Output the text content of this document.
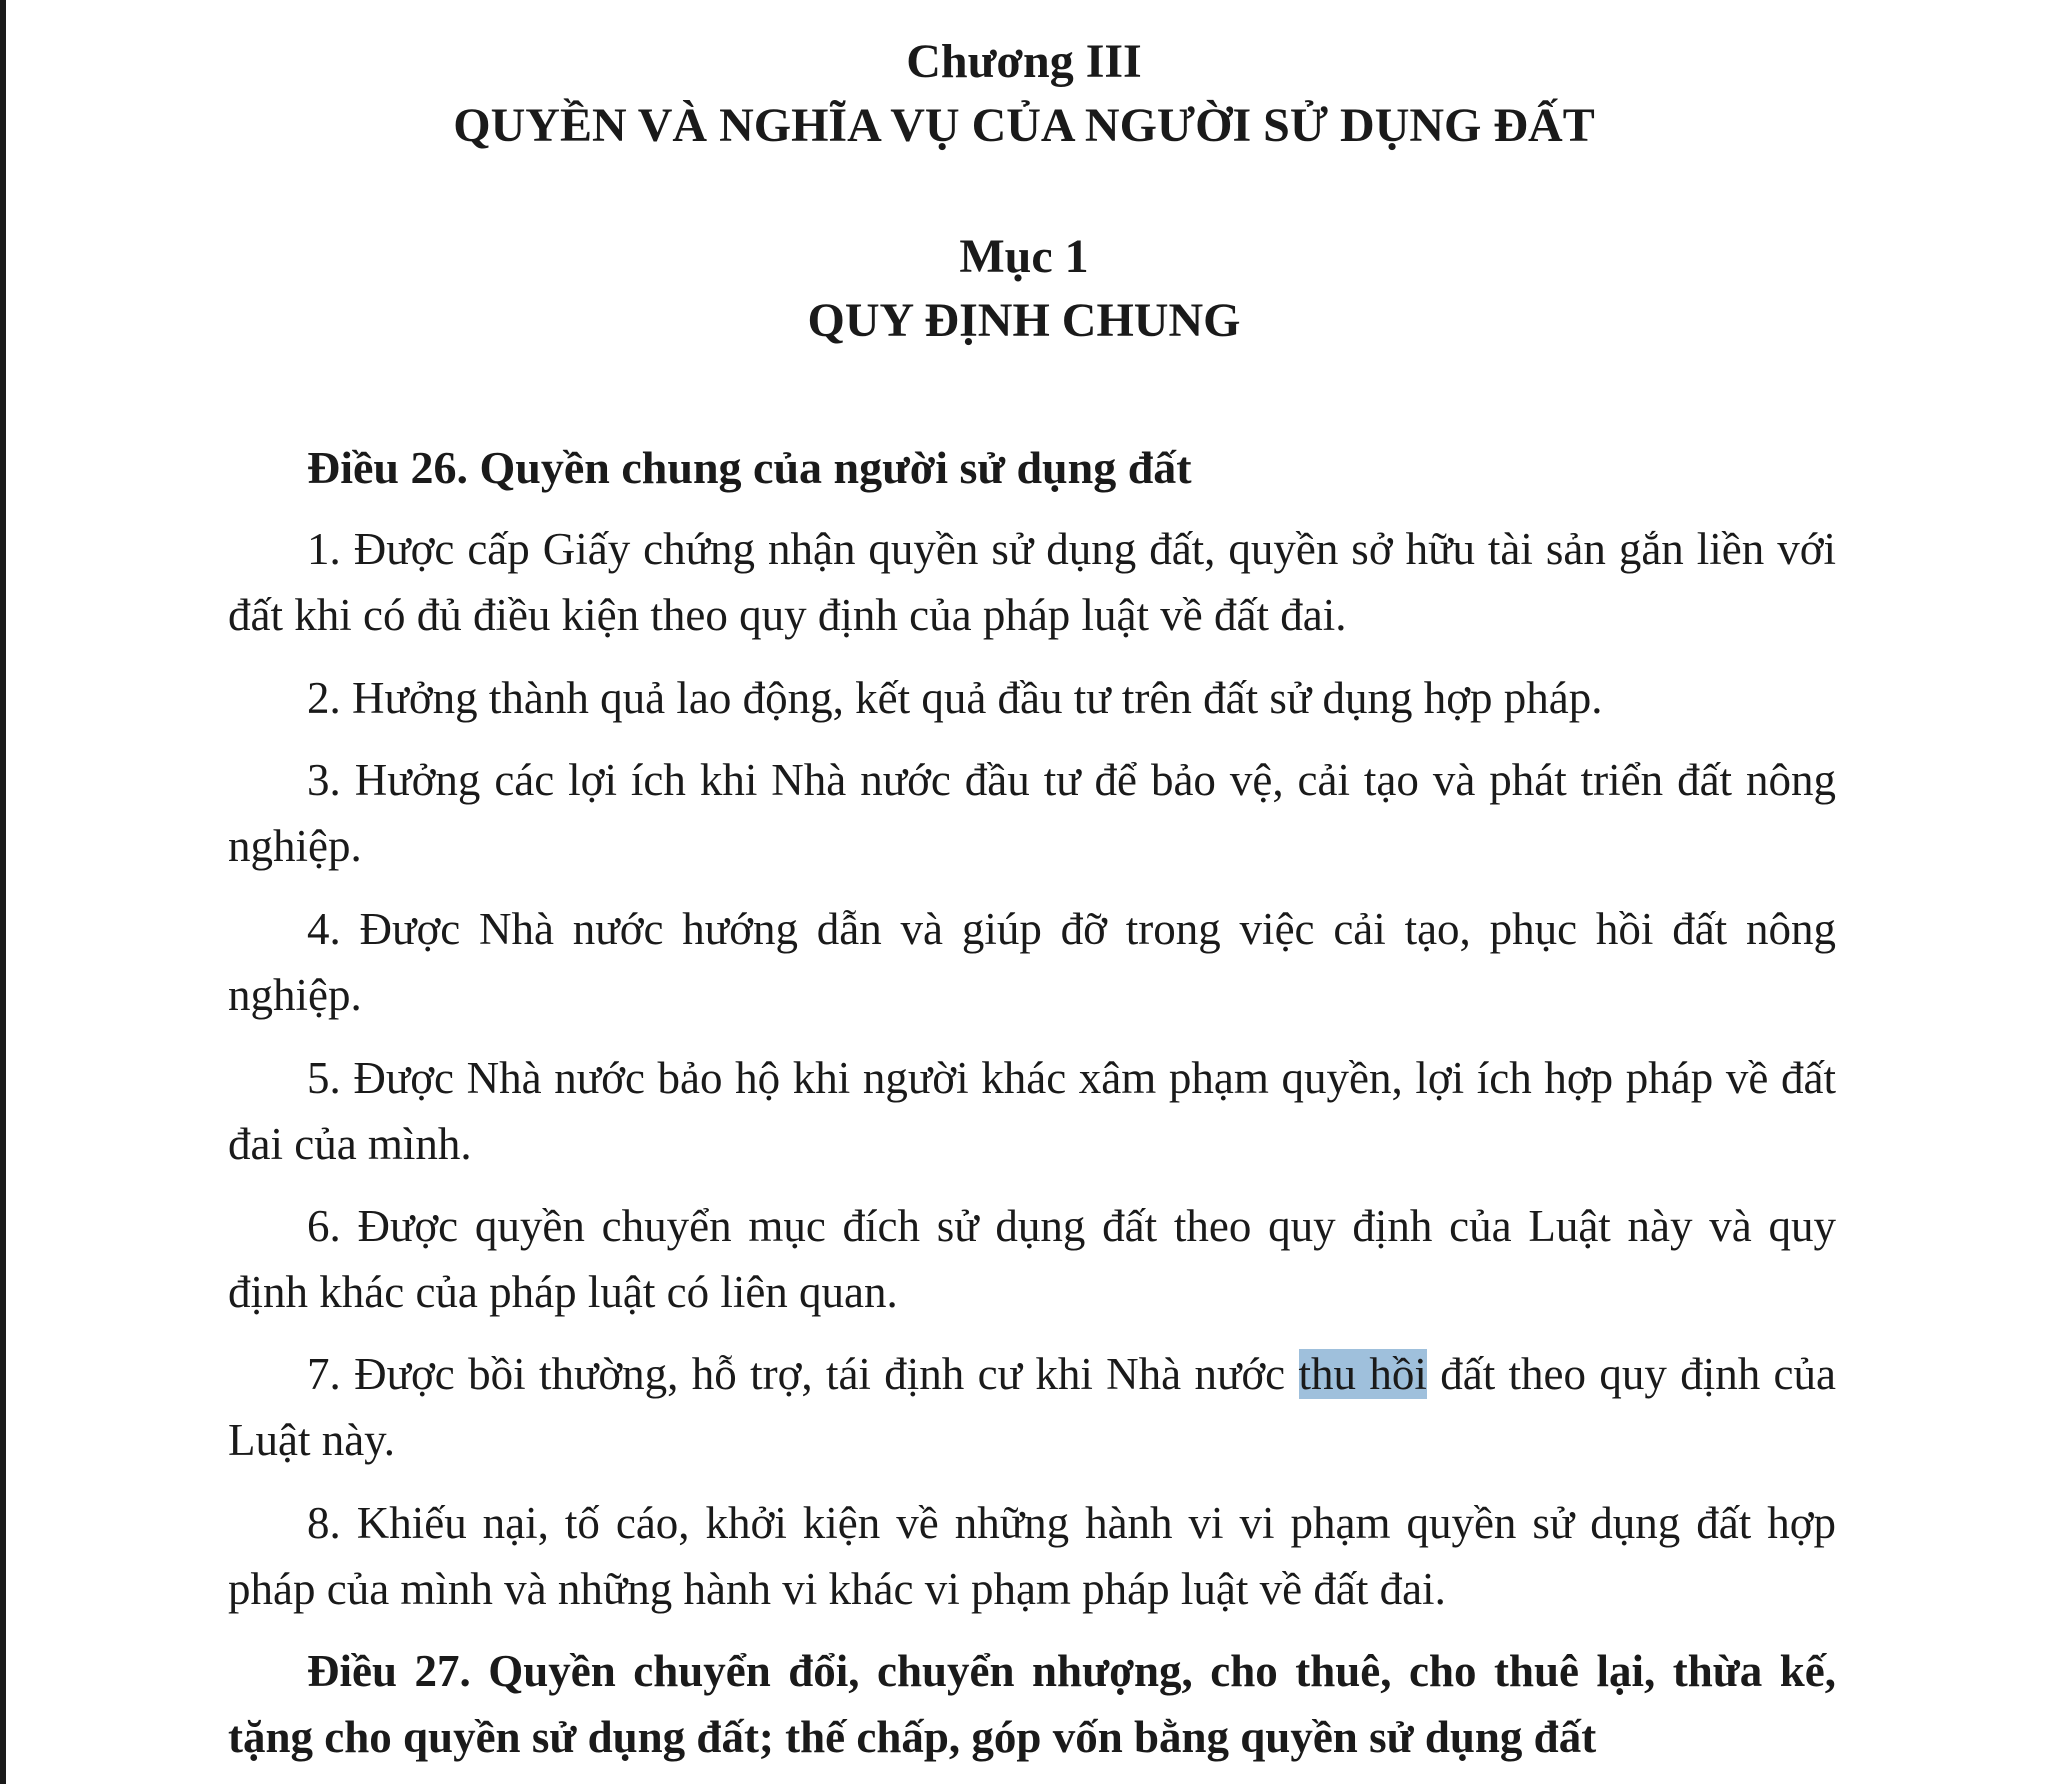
Chương III
QUYỀN VÀ NGHĨA VỤ CỦA NGƯỜI SỬ DỤNG ĐẤT
Mục 1
QUY ĐỊNH CHUNG
Điều 26. Quyền chung của người sử dụng đất

1. Được cấp Giấy chứng nhận quyền sử dụng đất, quyền sở hữu tài sản gắn liền với đất khi có đủ điều kiện theo quy định của pháp luật về đất đai.

2. Hưởng thành quả lao động, kết quả đầu tư trên đất sử dụng hợp pháp.

3. Hưởng các lợi ích khi Nhà nước đầu tư để bảo vệ, cải tạo và phát triển đất nông nghiệp.

4. Được Nhà nước hướng dẫn và giúp đỡ trong việc cải tạo, phục hồi đất nông nghiệp.

5. Được Nhà nước bảo hộ khi người khác xâm phạm quyền, lợi ích hợp pháp về đất đai của mình.

6. Được quyền chuyển mục đích sử dụng đất theo quy định của Luật này và quy định khác của pháp luật có liên quan.

7. Được bồi thường, hỗ trợ, tái định cư khi Nhà nước thu hồi đất theo quy định của Luật này.

8. Khiếu nại, tố cáo, khởi kiện về những hành vi vi phạm quyền sử dụng đất hợp pháp của mình và những hành vi khác vi phạm pháp luật về đất đai.

Điều 27. Quyền chuyển đổi, chuyển nhượng, cho thuê, cho thuê lại, thừa kế, tặng cho quyền sử dụng đất; thế chấp, góp vốn bằng quyền sử dụng đất
